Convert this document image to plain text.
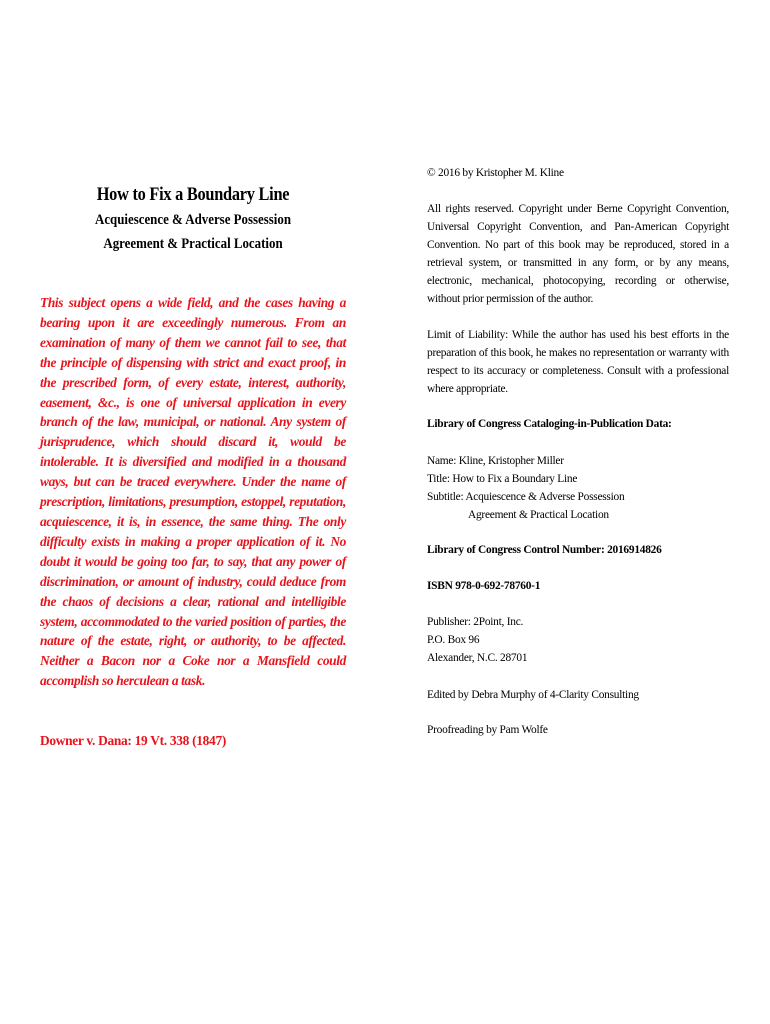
How to Fix a Boundary Line
Acquiescence & Adverse Possession
Agreement & Practical Location
This subject opens a wide field, and the cases having a bearing upon it are exceedingly numerous. From an examination of many of them we cannot fail to see, that the principle of dispensing with strict and exact proof, in the prescribed form, of every estate, interest, authority, easement, &c., is one of universal application in every branch of the law, municipal, or national. Any system of jurisprudence, which should discard it, would be intolerable. It is diversified and modified in a thousand ways, but can be traced everywhere. Under the name of prescription, limitations, presumption, estoppel, reputation, acquiescence, it is, in essence, the same thing. The only difficulty exists in making a proper application of it. No doubt it would be going too far, to say, that any power of discrimination, or amount of industry, could deduce from the chaos of decisions a clear, rational and intelligible system, accommodated to the varied position of parties, the nature of the estate, right, or authority, to be affected. Neither a Bacon nor a Coke nor a Mansfield could accomplish so herculean a task.
Downer v. Dana: 19 Vt. 338 (1847)
© 2016 by Kristopher M. Kline
All rights reserved. Copyright under Berne Copyright Convention, Universal Copyright Convention, and Pan-American Copyright Convention. No part of this book may be reproduced, stored in a retrieval system, or transmitted in any form, or by any means, electronic, mechanical, photocopying, recording or otherwise, without prior permission of the author.
Limit of Liability: While the author has used his best efforts in the preparation of this book, he makes no representation or warranty with respect to its accuracy or completeness. Consult with a professional where appropriate.
Library of Congress Cataloging-in-Publication Data:
Name: Kline, Kristopher Miller
Title: How to Fix a Boundary Line
Subtitle: Acquiescence & Adverse Possession
Agreement & Practical Location
Library of Congress Control Number: 2016914826
ISBN 978-0-692-78760-1
Publisher: 2Point, Inc.
P.O. Box 96
Alexander, N.C. 28701
Edited by Debra Murphy of 4-Clarity Consulting
Proofreading by Pam Wolfe
